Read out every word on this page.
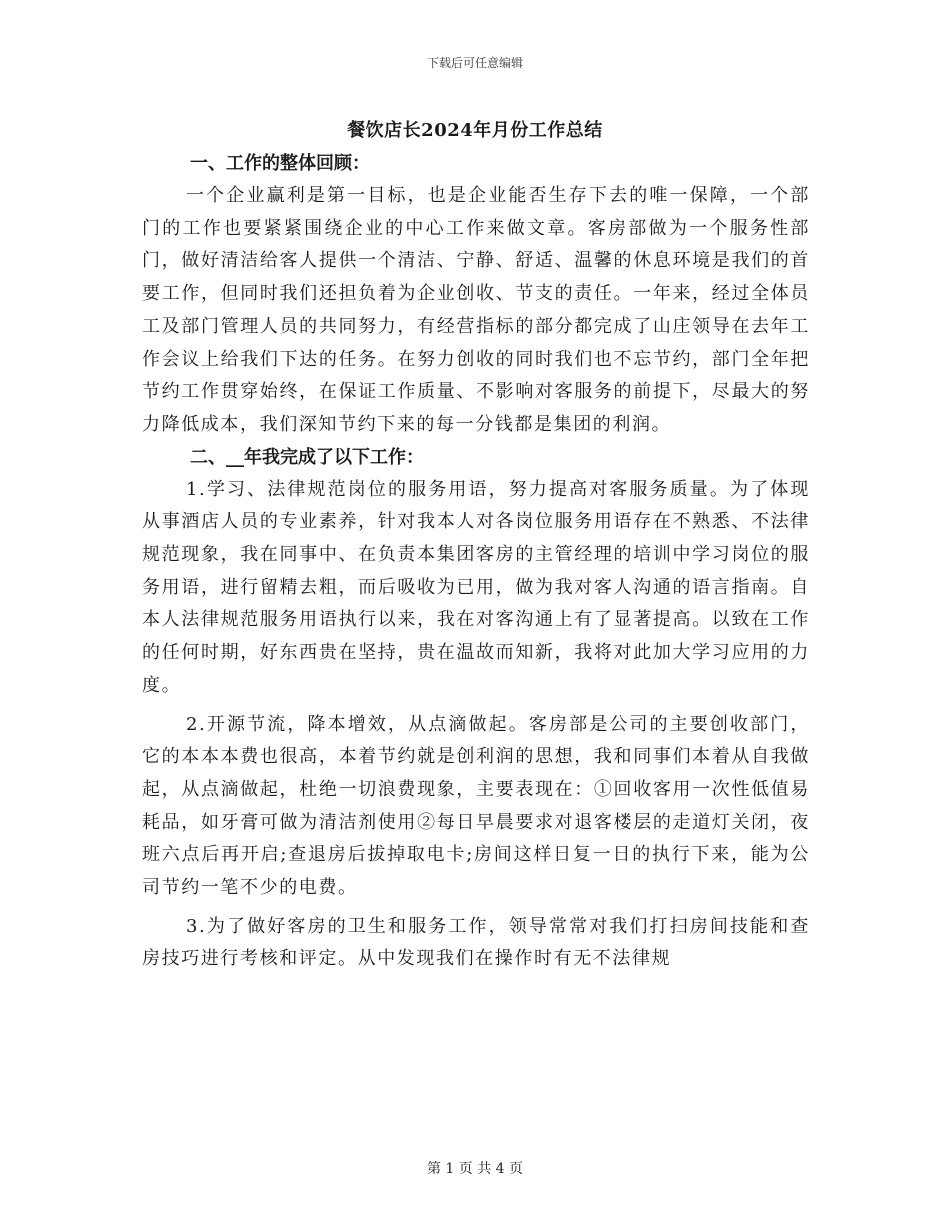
下载后可任意编辑
餐饮店长2024年月份工作总结

一、工作的整体回顾：

一个企业赢利是第一目标，也是企业能否生存下去的唯一保障，一个部门的工作也要紧紧围绕企业的中心工作来做文章。客房部做为一个服务性部门，做好清洁给客人提供一个清洁、宁静、舒适、温馨的休息环境是我们的首要工作，但同时我们还担负着为企业创收、节支的责任。一年来，经过全体员工及部门管理人员的共同努力，有经营指标的部分都完成了山庄领导在去年工作会议上给我们下达的任务。在努力创收的同时我们也不忘节约，部门全年把节约工作贯穿始终，在保证工作质量、不影响对客服务的前提下，尽最大的努力降低成本，我们深知节约下来的每一分钱都是集团的利润。

二、__年我完成了以下工作：

1.学习、法律规范岗位的服务用语，努力提高对客服务质量。为了体现从事酒店人员的专业素养，针对我本人对各岗位服务用语存在不熟悉、不法律规范现象，我在同事中、在负责本集团客房的主管经理的培训中学习岗位的服务用语，进行留精去粗，而后吸收为已用，做为我对客人沟通的语言指南。自本人法律规范服务用语执行以来，我在对客沟通上有了显著提高。以致在工作的任何时期，好东西贵在坚持，贵在温故而知新，我将对此加大学习应用的力度。

2.开源节流，降本增效，从点滴做起。客房部是公司的主要创收部门，它的本本本费也很高，本着节约就是创利润的思想，我和同事们本着从自我做起，从点滴做起，杜绝一切浪费现象，主要表现在：①回收客用一次性低值易耗品，如牙膏可做为清洁剂使用②每日早晨要求对退客楼层的走道灯关闭，夜班六点后再开启;查退房后拔掉取电卡;房间这样日复一日的执行下来，能为公司节约一笔不少的电费。

3.为了做好客房的卫生和服务工作，领导常常对我们打扫房间技能和查房技巧进行考核和评定。从中发现我们在操作时有无不法律规

第 1 页 共 4 页
